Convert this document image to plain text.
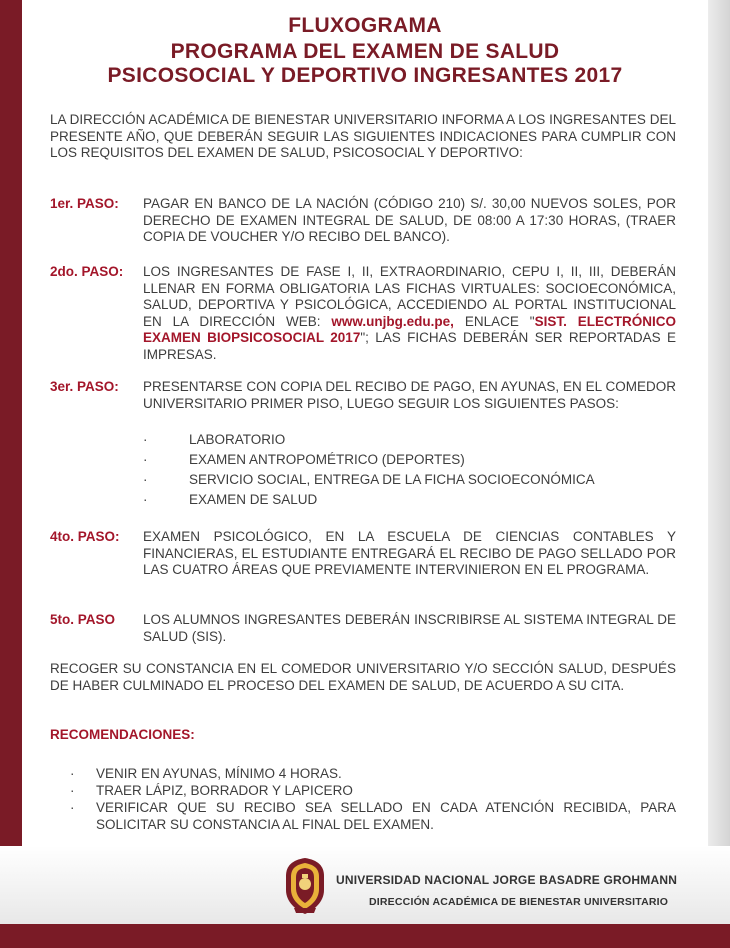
FLUXOGRAMA
PROGRAMA DEL EXAMEN DE SALUD
PSICOSOCIAL Y DEPORTIVO INGRESANTES 2017
LA DIRECCIÓN ACADÉMICA DE BIENESTAR UNIVERSITARIO INFORMA A LOS INGRESANTES DEL PRESENTE AÑO, QUE DEBERÁN SEGUIR LAS SIGUIENTES INDICACIONES PARA CUMPLIR CON LOS REQUISITOS DEL EXAMEN DE SALUD, PSICOSOCIAL Y DEPORTIVO:
1er. PASO:	PAGAR EN BANCO DE LA NACIÓN (CÓDIGO 210) S/. 30,00 NUEVOS SOLES, POR DERECHO DE EXAMEN INTEGRAL DE SALUD, DE 08:00 A 17:30 HORAS, (TRAER COPIA DE VOUCHER Y/O RECIBO DEL BANCO).
2do. PASO:	LOS INGRESANTES DE FASE I, II, EXTRAORDINARIO, CEPU I, II, III, DEBERÁN LLENAR EN FORMA OBLIGATORIA LAS FICHAS VIRTUALES: SOCIOECONÓMICA, SALUD, DEPORTIVA Y PSICOLÓGICA, ACCEDIENDO AL PORTAL INSTITUCIONAL EN LA DIRECCIÓN WEB: www.unjbg.edu.pe, ENLACE "SIST. ELECTRÓNICO EXAMEN BIOPSICOSOCIAL 2017"; LAS FICHAS DEBERÁN SER REPORTADAS E IMPRESAS.
3er. PASO:	PRESENTARSE CON COPIA DEL RECIBO DE PAGO, EN AYUNAS, EN EL COMEDOR UNIVERSITARIO PRIMER PISO, LUEGO SEGUIR LOS SIGUIENTES PASOS:
·	LABORATORIO
·	EXAMEN ANTROPOMÉTRICO (DEPORTES)
·	SERVICIO SOCIAL, ENTREGA DE LA FICHA SOCIOECONÓMICA
·	EXAMEN DE SALUD
4to. PASO:	EXAMEN PSICOLÓGICO, EN LA ESCUELA DE CIENCIAS CONTABLES Y FINANCIERAS, EL ESTUDIANTE ENTREGARÁ EL RECIBO DE PAGO SELLADO POR LAS CUATRO ÁREAS QUE PREVIAMENTE INTERVINIERON EN EL PROGRAMA.
5to. PASO	LOS ALUMNOS INGRESANTES DEBERÁN INSCRIBIRSE AL SISTEMA INTEGRAL DE SALUD (SIS).
RECOGER SU CONSTANCIA EN EL COMEDOR UNIVERSITARIO Y/O SECCIÓN SALUD, DESPUÉS DE HABER CULMINADO EL PROCESO DEL EXAMEN DE SALUD, DE ACUERDO A SU CITA.
RECOMENDACIONES:
·	VENIR EN AYUNAS, MÍNIMO 4 HORAS.
·	TRAER LÁPIZ, BORRADOR Y LAPICERO
·	VERIFICAR QUE SU RECIBO SEA SELLADO EN CADA ATENCIÓN RECIBIDA, PARA SOLICITAR SU CONSTANCIA AL FINAL DEL EXAMEN.
UNIVERSIDAD NACIONAL JORGE BASADRE GROHMANN
DIRECCIÓN ACADÉMICA DE BIENESTAR UNIVERSITARIO
